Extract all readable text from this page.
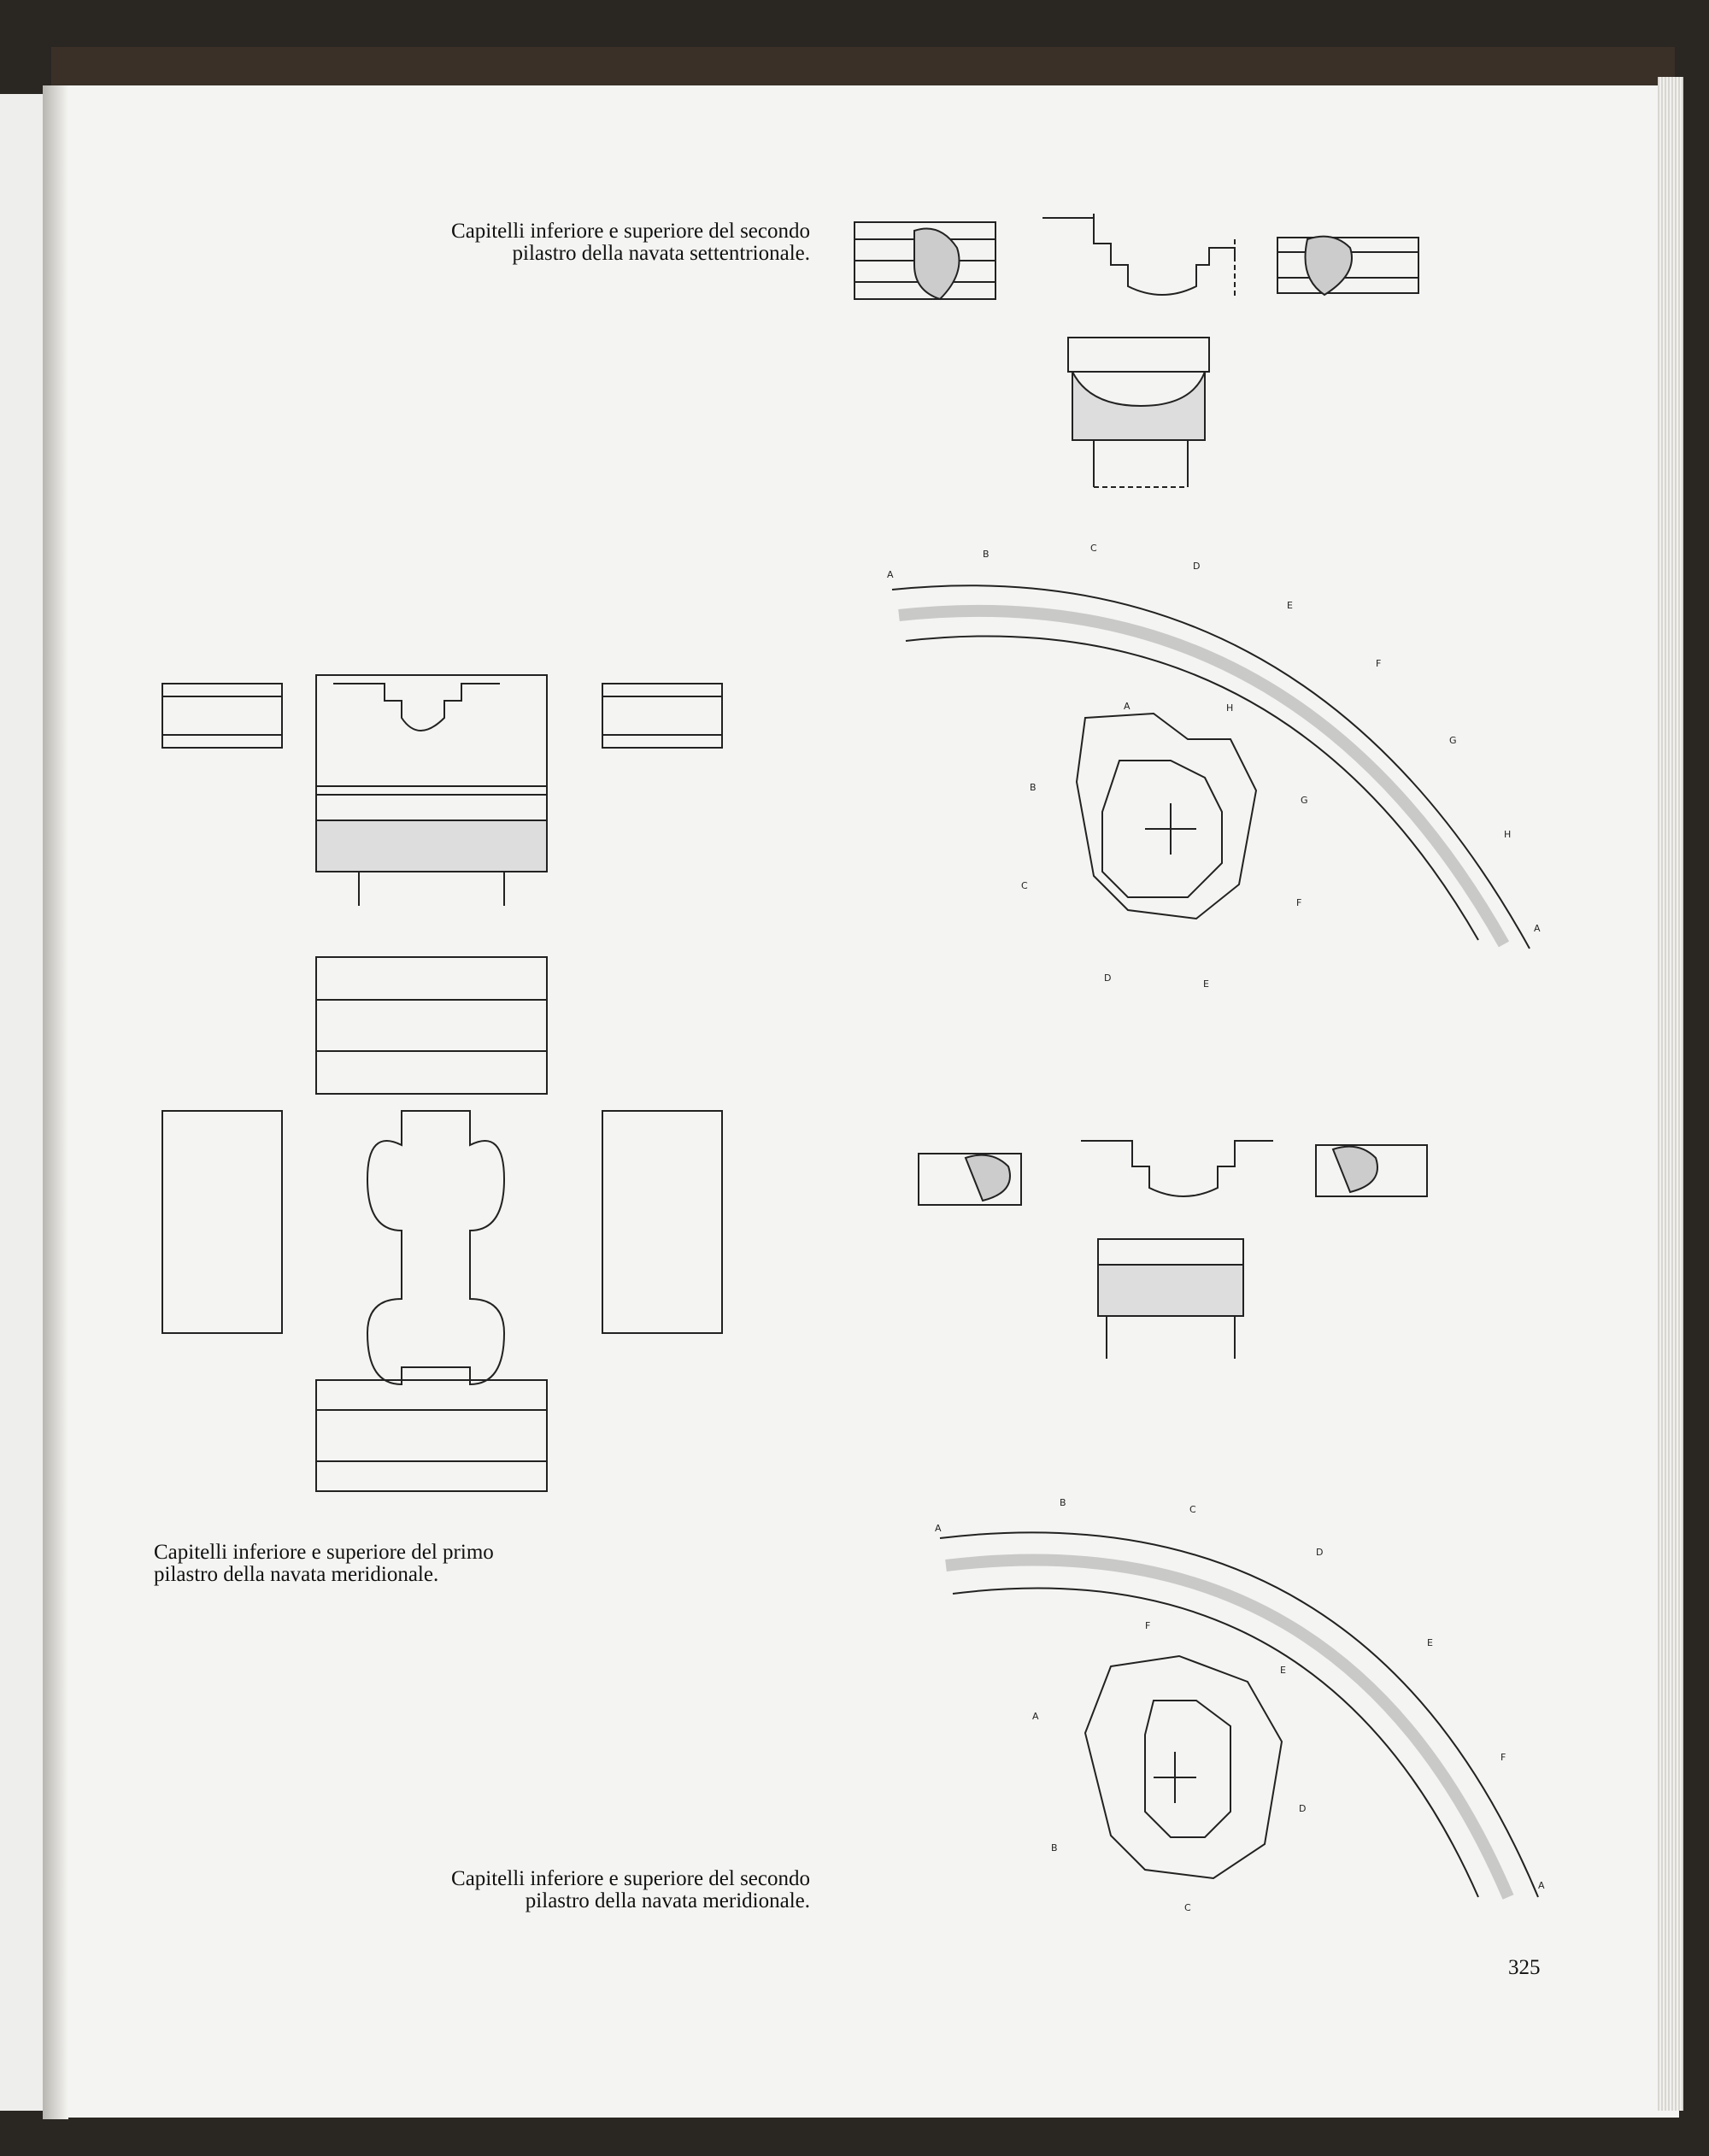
Capitelli inferiore e superiore del secondo
pilastro della navata settentrionale.
Capitelli inferiore e superiore del primo
pilastro della navata meridionale.
Capitelli inferiore e superiore del secondo
pilastro della navata meridionale.
325
A
B
C
D
E
F
G
H
A
A	H
B
G
C
F
D
E
A
B
C
D
E
F
A
F
E
A
D
B
C
